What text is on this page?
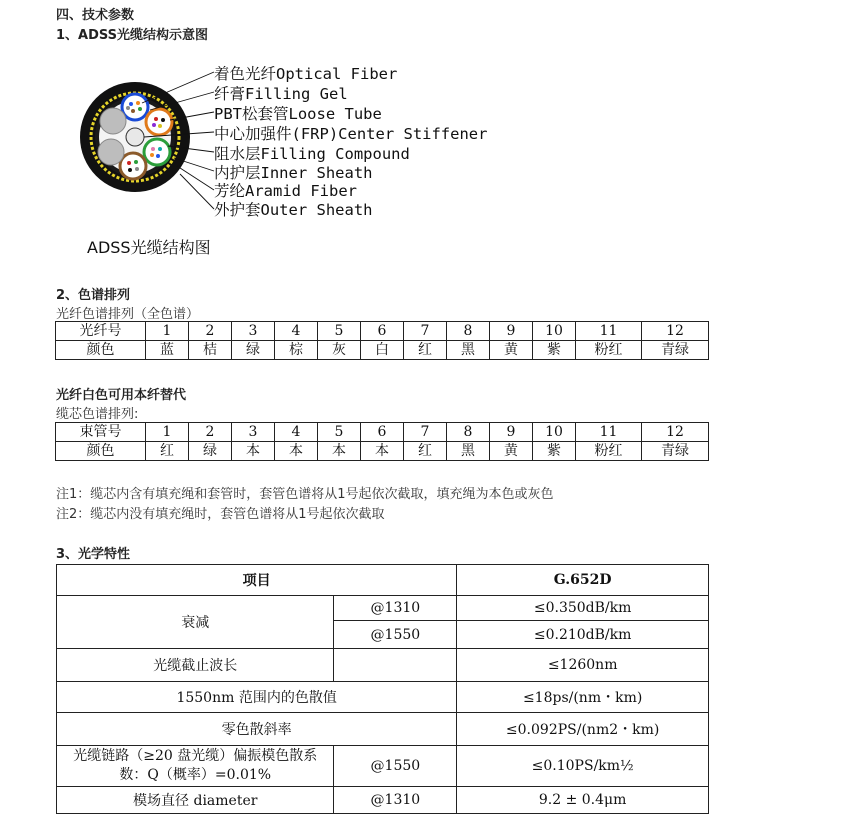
四、技术参数
1、ADSS光缆结构示意图
着色光纤Optical Fiber
纤膏Filling Gel
PBT松套管Loose Tube
中心加强件(FRP)Center Stiffener
阻水层Filling Compound
内护层Inner Sheath
芳纶Aramid Fiber
外护套Outer Sheath
ADSS光缆结构图
2、色谱排列
光纤色谱排列（全色谱）
光纤号	1	2	3	4	5	6	7	8	9	10	11	12
颜色	蓝	桔	绿	棕	灰	白	红	黑	黄	紫	粉红	青绿
光纤白色可用本纤替代
缆芯色谱排列:
束管号	1	2	3	4	5	6	7	8	9	10	11	12
颜色	红	绿	本	本	本	本	红	黑	黄	紫	粉红	青绿
注1：缆芯内含有填充绳和套管时，套管色谱将从1号起依次截取，填充绳为本色或灰色
注2：缆芯内没有填充绳时，套管色谱将从1号起依次截取
3、光学特性
项目		G.652D
衰减	@1310	≤0.350dB/km
	@1550	≤0.210dB/km
光缆截止波长		≤1260nm
1550nm 范围内的色散值		≤18ps/(nm・km)
零色散斜率		≤0.092PS/(nm2・km)

光缆链路（≥20 盘光缆）偏振模色散系
数：Q（概率）=0.01%	@1550	≤0.10PS/km½
模场直径 diameter	@1310	9.2 ± 0.4μm
